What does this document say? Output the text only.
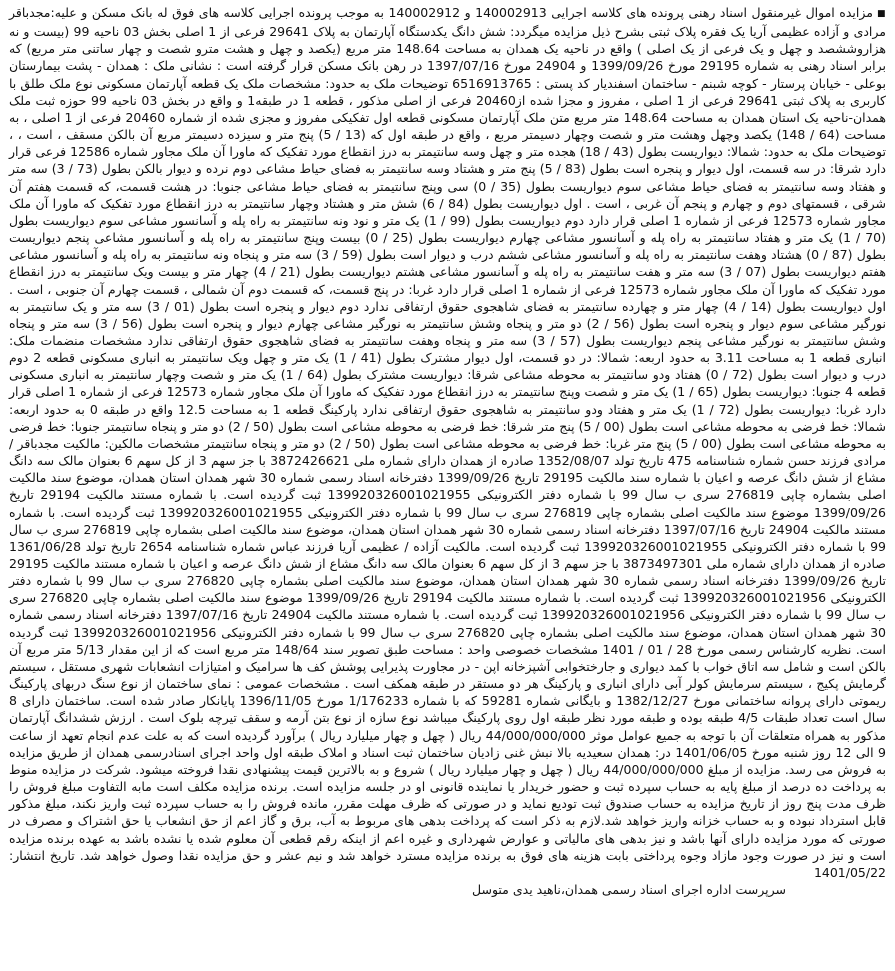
■مزایده اموال غیرمنقول اسناد رهنی پرونده های کلاسه اجرایی 140002913 و 140002912 به موجب پرونده اجرایی کلاسه های فوق له بانک مسکن و علیه:مجدباقر مرادی و آزاده عظیمی آریا یک فقره پلاک ثبتی بشرح ذیل مزایده میگردد: شش دانگ یکدستگاه آپارتمان به پلاک 29641 فرعی از 1 اصلی بخش 03 ناحیه 99 (بیست و نه هزاروششصد و چهل و یک فرعی از یک اصلی ) واقع در ناحیه یک همدان به مساحت 148.64 متر مربع (یکصد و چهل و هشت مترو شصت و چهار ساتنی متر مربع) که برابر اسناد رهنی به شماره 29195 مورخ 1399/09/26 و 24904 مورخ 1397/07/16 در رهن بانک مسکن قرار گرفته است : نشانی ملک : همدان - پشت بیمارستان بوعلی - خیابان پرستار - کوچه شبنم - ساختمان اسفندیار کد پستی : 6516913765 توضیحات ملک به حدود: مشخصات ملک یک قطعه آپارتمان مسکونی نوع ملک طلق با کاربری به پلاک ثبتی 29641 فرعی از 1 اصلی ، مفروز و مجزا شده از20460 فرعی از اصلی مذکور ، قطعه 1 در طبقه1 و واقع در بخش 03 ناحیه 99 حوزه ثبت ملک همدان-ناحیه یک استان همدان به مساحت 148.64 متر مربع متن ملک آپارتمان مسکونی قطعه اول تفکیکی مفروز و مجزی شده از شماره 20460 فرعی از 1 اصلی ، به مساحت (64 / 148) یکصد وچهل وهشت متر و شصت وچهار دسیمتر مربع ، واقع در طبقه اول که (13 / 5) پنج متر و سیزده دسیمتر مربع آن بالکن مسقف ، است ، ، توضیحات ملک به حدود: شمالا: دیواریست بطول (43 / 18) هجده متر و چهل وسه سانتیمتر به درز انقطاع مورد تفکیک که ماورا آن ملک مجاور شماره 12586 فرعی قرار دارد شرقا: در سه قسمت، اول دیوار و پنجره است بطول (83 / 5) پنج متر و هشتاد وسه سانتیمتر به فضای حیاط مشاعی دوم نرده و دیوار بالکن بطول (73 / 3) سه متر و هفتاد وسه سانتیمتر به فضای حیاط مشاعی سوم دیواریست بطول (35 / 0) سی وپنج سانتیمتر به فضای حیاط مشاعی جنوبا: در هشت قسمت، که قسمت هفتم آن شرقی ، قسمتهای دوم و چهارم و پنجم آن غربی ، است . اول دیواریست بطول (84 / 6) شش متر و هشتاد وچهار سانتیمتر به درز انقطاع مورد تفکیک که ماورا آن ملک مجاور شماره 12573 فرعی از شماره 1 اصلی قرار دارد دوم دیواریست بطول (99 / 1) یک متر و نود ونه سانتیمتر به راه پله و آسانسور مشاعی سوم دیواریست بطول (70 / 1) یک متر و هفتاد سانتیمتر به راه پله و آسانسور مشاعی چهارم دیواریست بطول (25 / 0) بیست وپنج سانتیمتر به راه پله و آسانسور مشاعی پنجم دیواریست بطول (87 / 0) هشتاد وهفت سانتیمتر به راه پله و آسانسور مشاعی ششم درب و دیوار است بطول (59 / 3) سه متر و پنجاه ونه سانتیمتر به راه پله و آسانسور مشاعی هفتم دیواریست بطول (07 / 3) سه متر و هفت سانتیمتر به راه پله و آسانسور مشاعی هشتم دیواریست بطول (21 / 4) چهار متر و بیست ویک سانتیمتر به درز انقطاع مورد تفکیک که ماورا آن ملک مجاور شماره 12573 فرعی از شماره 1 اصلی قرار دارد غربا: در پنج قسمت، که قسمت دوم آن شمالی ، قسمت چهارم آن جنوبی ، است . اول دیواریست بطول (14 / 4) چهار متر و چهارده سانتیمتر به فضای شاهجوی حقوق ارتفاقی ندارد دوم دیوار و پنجره است بطول (01 / 3) سه متر و یک سانتیمتر به نورگیر مشاعی سوم دیوار و پنجره است بطول (56 / 2) دو متر و پنجاه وشش سانتیمتر به نورگیر مشاعی چهارم دیوار و پنجره است بطول (56 / 3) سه متر و پنجاه وشش سانتیمتر به نورگیر مشاعی پنجم دیواریست بطول (57 / 3) سه متر و پنجاه وهفت سانتیمتر به فضای شاهجوی حقوق ارتفاقی ندارد مشخصات منضمات ملک: انباری قطعه 1 به مساحت 3.11 به حدود اربعه: شمالا: در دو قسمت، اول دیوار مشترک بطول (41 / 1) یک متر و چهل ویک سانتیمتر به انباری مسکونی قطعه 2 دوم درب و دیوار است بطول (72 / 0) هفتاد ودو سانتیمتر به محوطه مشاعی شرقا: دیواریست مشترک بطول (64 / 1) یک متر و شصت وچهار سانتیمتر به انباری مسکونی قطعه 4 جنوبا: دیواریست بطول (65 / 1) یک متر و شصت وپنج سانتیمتر به درز انقطاع مورد تفکیک که ماورا آن ملک مجاور شماره 12573 فرعی از شماره 1 اصلی قرار دارد غربا: دیواریست بطول (72 / 1) یک متر و هفتاد ودو سانتیمتر به شاهجوی حقوق ارتفاقی ندارد پارکینگ قطعه 1 به مساحت 12.5 واقع در طبقه 0 به حدود اربعه: شمالا: خط فرضی به محوطه مشاعی است بطول (00 / 5) پنج متر شرقا: خط فرضی به محوطه مشاعی است بطول (50 / 2) دو متر و پنجاه سانتیمتر جنوبا: خط فرضی به محوطه مشاعی است بطول (00 / 5) پنج متر غربا: خط فرضی به محوطه مشاعی است بطول (50 / 2) دو متر و پنجاه سانتیمتر مشخصات مالکین: مالکیت مجدباقر / مرادی فرزند حسن شماره شناسنامه 475 تاریخ تولد 1352/08/07 صادره از همدان دارای شماره ملی 3872426621 با جز سهم 3 از کل سهم 6 بعنوان مالک سه دانگ مشاع از شش دانگ عرصه و اعیان با شماره سند مالکیت 29195 تاریخ 1399/09/26 دفترخانه اسناد رسمی شماره 30 شهر همدان استان همدان، موضوع سند مالکیت اصلی بشماره چاپی 276819 سری ب سال 99 با شماره دفتر الکترونیکی 139920326001021955 ثبت گردیده است. با شماره مستند مالکیت 29194 تاریخ 1399/09/26 موضوع سند مالکیت اصلی بشماره چاپی 276819 سری ب سال 99 با شماره دفتر الکترونیکی 139920326001021955 ثبت گردیده است. با شماره مستند مالکیت 24904 تاریخ 1397/07/16 دفترخانه اسناد رسمی شماره 30 شهر همدان استان همدان، موضوع سند مالکیت اصلی بشماره چاپی 276819 سری ب سال 99 با شماره دفتر الکترونیکی 139920326001021955 ثبت گردیده است. مالکیت آزاده / عظیمی آریا فرزند عباس شماره شناسنامه 2654 تاریخ تولد 1361/06/28 صادره از همدان دارای شماره ملی 3873497301 با جز سهم 3 از کل سهم 6 بعنوان مالک سه دانگ مشاع از شش دانگ عرصه و اعیان با شماره مستند مالکیت 29195 تاریخ 1399/09/26 دفترخانه اسناد رسمی شماره 30 شهر همدان استان همدان، موضوع سند مالکیت اصلی بشماره چاپی 276820 سری ب سال 99 با شماره دفتر الکترونیکی 139920326001021956 ثبت گردیده است. با شماره مستند مالکیت 29194 تاریخ 1399/09/26 موضوع سند مالکیت اصلی بشماره چاپی 276820 سری ب سال 99 با شماره دفتر الکترونیکی 139920326001021956 ثبت گردیده است. با شماره مستند مالکیت 24904 تاریخ 1397/07/16 دفترخانه اسناد رسمی شماره 30 شهر همدان استان همدان، موضوع سند مالکیت اصلی بشماره چاپی 276820 سری ب سال 99 با شماره دفتر الکترونیکی 139920326001021956 ثبت گردیده است. نظریه کارشناس رسمی مورخ 28 / 01 / 1401 مشخصات خصوصی واحد : مساحت طبق تصویر سند 148/64 متر مربع است که از این مقدار 5/13 متر مربع آن بالکن است و شامل سه اتاق خواب با کمد دیواری و جارختخوابی آشپزخانه اپن - در مجاورت پذیرایی پوشش کف ها سرامیک و امتیازات انشعابات شهری مستقل ، سیستم گرمایش پکیج ، سیستم سرمایش کولر آبی دارای انباری و پارکینگ هر دو مستقر در طبقه همکف است . مشخصات عمومی : نمای ساختمان از نوع سنگ دربهای پارکینگ ریموتی دارای پروانه ساختمانی مورخ 1382/12/27 و بایگانی شماره 59281 که با شماره 1/176233 مورخ 1396/11/05 پایانکار صادر شده است. ساختمان دارای 8 سال است تعداد طبقات 4/5 طبقه بوده و طبقه مورد نظر طبقه اول روی پارکینگ میباشد نوع سازه از نوع بتن آرمه و سقف تیرچه بلوک است . ارزش ششدانگ آپارتمان مذکور به همراه متعلقات آن با توجه به جمیع عوامل موثر 44/000/000/000 ریال ( چهل و چهار میلیارد ریال ) برآورد گردیده است که به علت عدم انجام تعهد از ساعت 9 الی 12 روز شنبه مورخ 1401/06/05 در: همدان سعیدیه بالا نبش غنی زادیان ساختمان ثبت اسناد و املاک طبقه اول واحد اجرای اسنادرسمی همدان از طریق مزایده به فروش می رسد. مزایده از مبلغ 44/000/000/000 ریال ( چهل و چهار میلیارد ریال ) شروع و به بالاترین قیمت پیشنهادی نقدا فروخته میشود. شرکت در مزایده منوط به پرداخت ده درصد از مبلغ پایه به حساب سپرده ثبت و حضور خریدار یا نماینده قانونی او در جلسه مزایده است. برنده مزایده مکلف است مابه التفاوت مبلغ فروش را ظرف مدت پنج روز از تاریخ مزایده به حساب صندوق ثبت تودیع نماید و در صورتی که ظرف مهلت مقرر، مانده فروش را به حساب سپرده ثبت واریز نکند، مبلغ مذکور قابل استرداد نبوده و به حساب خزانه واریز خواهد شد.لازم به ذکر است که پرداخت بدهی های مربوط به آب، برق و گاز اعم از حق انشعاب یا حق اشتراک و مصرف در صورتی که مورد مزایده دارای آنها باشد و نیز بدهی های مالیاتی و عوارض شهرداری و غیره اعم از اینکه رقم قطعی آن معلوم شده یا نشده باشد به عهده برنده مزایده است و نیز در صورت وجود مازاد وجوه پرداختی بابت هزینه های فوق به برنده مزایده مسترد خواهد شد و نیم عشر و حق مزایده نقدا وصول خواهد شد. تاریخ انتشار: 1401/05/22

سرپرست اداره اجرای اسناد رسمی همدان،ناهید یدی متوسل
